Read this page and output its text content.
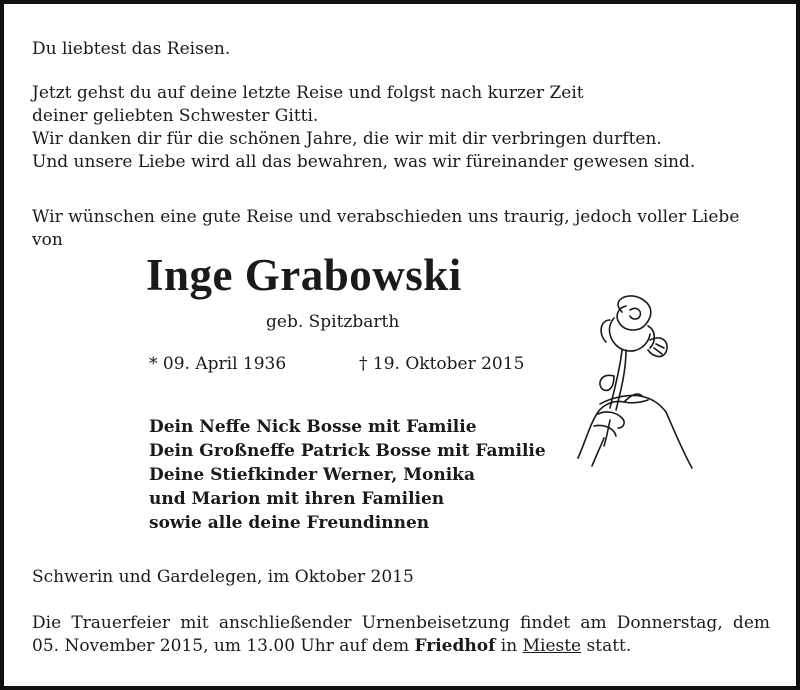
Du liebtest das Reisen.

Jetzt gehst du auf deine letzte Reise und folgst nach kurzer Zeit
deiner geliebten Schwester Gitti.
Wir danken dir für die schönen Jahre, die wir mit dir verbringen durften.
Und unsere Liebe wird all das bewahren, was wir füreinander gewesen sind.

Wir wünschen eine gute Reise und verabschieden uns traurig, jedoch voller Liebe von

Inge Grabowski
geb. Spitzbarth
* 09. April 1936	† 19. Oktober 2015
Dein Neffe Nick Bosse mit Familie
Dein Großneffe Patrick Bosse mit Familie
Deine Stiefkinder Werner, Monika
und Marion mit ihren Familien
sowie alle deine Freundinnen

Schwerin und Gardelegen, im Oktober 2015

Die Trauerfeier mit anschließender Urnenbeisetzung findet am Donnerstag, dem
05. November 2015, um 13.00 Uhr auf dem Friedhof in Mieste statt.
